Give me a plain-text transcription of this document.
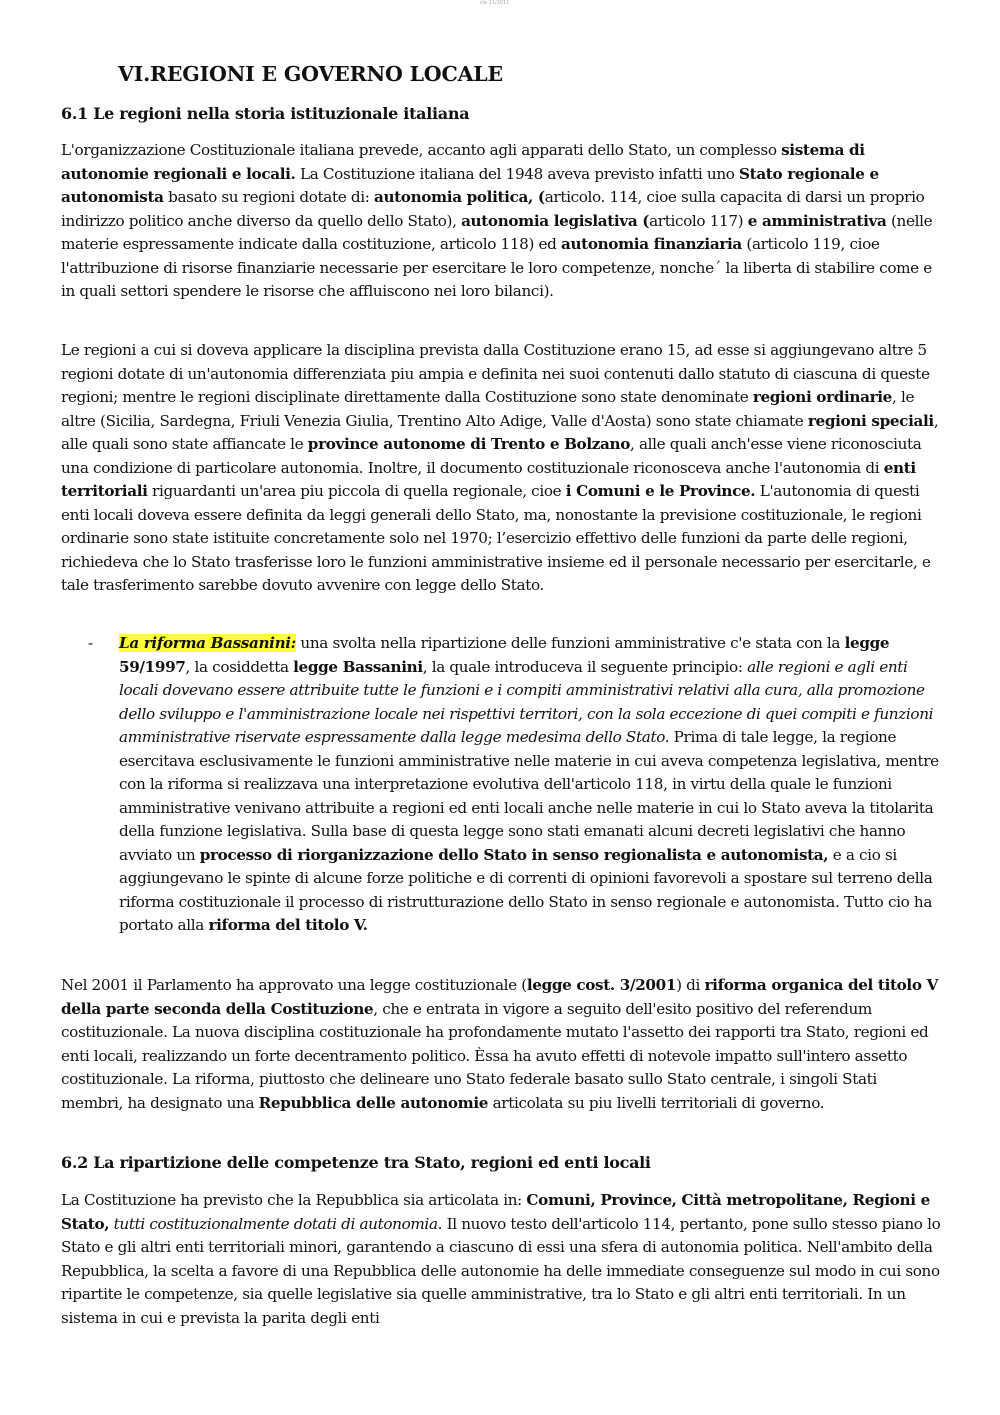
sla 11/2011
VI.REGIONI E GOVERNO LOCALE
6.1 Le regioni nella storia istituzionale italiana

L'organizzazione Costituzionale italiana prevede, accanto agli apparati dello Stato, un complesso sistema di autonomie regionali e locali. La Costituzione italiana del 1948 aveva previsto infatti uno Stato regionale e autonomista basato su regioni dotate di: autonomia politica, (articolo. 114, cioe sulla capacita di darsi un proprio indirizzo politico anche diverso da quello dello Stato), autonomia legislativa (articolo 117) e amministrativa (nelle materie espressamente indicate dalla costituzione, articolo 118) ed autonomia finanziaria (articolo 119, cioe l'attribuzione di risorse finanziarie necessarie per esercitare le loro competenze, nonche´ la liberta di stabilire come e in quali settori spendere le risorse che affluiscono nei loro bilanci).

Le regioni a cui si doveva applicare la disciplina prevista dalla Costituzione erano 15, ad esse si aggiungevano altre 5 regioni dotate di un'autonomia differenziata piu ampia e definita nei suoi contenuti dallo statuto di ciascuna di queste regioni; mentre le regioni disciplinate direttamente dalla Costituzione sono state denominate regioni ordinarie, le altre (Sicilia, Sardegna, Friuli Venezia Giulia, Trentino Alto Adige, Valle d'Aosta) sono state chiamate regioni speciali, alle quali sono state affiancate le province autonome di Trento e Bolzano, alle quali anch'esse viene riconosciuta una condizione di particolare autonomia. Inoltre, il documento costituzionale riconosceva anche l'autonomia di enti territoriali riguardanti un'area piu piccola di quella regionale, cioe i Comuni e le Province. L'autonomia di questi enti locali doveva essere definita da leggi generali dello Stato, ma, nonostante la previsione costituzionale, le regioni ordinarie sono state istituite concretamente solo nel 1970; l’esercizio effettivo delle funzioni da parte delle regioni, richiedeva che lo Stato trasferisse loro le funzioni amministrative insieme ed il personale necessario per esercitarle, e tale trasferimento sarebbe dovuto avvenire con legge dello Stato.

- La riforma Bassanini: una svolta nella ripartizione delle funzioni amministrative c'e stata con la legge 59/1997, la cosiddetta legge Bassanini, la quale introduceva il seguente principio: alle regioni e agli enti locali dovevano essere attribuite tutte le funzioni e i compiti amministrativi relativi alla cura, alla promozione dello sviluppo e l'amministrazione locale nei rispettivi territori, con la sola eccezione di quei compiti e funzioni amministrative riservate espressamente dalla legge medesima dello Stato. Prima di tale legge, la regione esercitava esclusivamente le funzioni amministrative nelle materie in cui aveva competenza legislativa, mentre con la riforma si realizzava una interpretazione evolutiva dell'articolo 118, in virtu della quale le funzioni amministrative venivano attribuite a regioni ed enti locali anche nelle materie in cui lo Stato aveva la titolarita della funzione legislativa. Sulla base di questa legge sono stati emanati alcuni decreti legislativi che hanno avviato un processo di riorganizzazione dello Stato in senso regionalista e autonomista, e a cio si aggiungevano le spinte di alcune forze politiche e di correnti di opinioni favorevoli a spostare sul terreno della riforma costituzionale il processo di ristrutturazione dello Stato in senso regionale e autonomista. Tutto cio ha portato alla riforma del titolo V.

Nel 2001 il Parlamento ha approvato una legge costituzionale (legge cost. 3/2001) di riforma organica del titolo V della parte seconda della Costituzione, che e entrata in vigore a seguito dell'esito positivo del referendum costituzionale. La nuova disciplina costituzionale ha profondamente mutato l'assetto dei rapporti tra Stato, regioni ed enti locali, realizzando un forte decentramento politico. Èssa ha avuto effetti di notevole impatto sull'intero assetto costituzionale. La riforma, piuttosto che delineare uno Stato federale basato sullo Stato centrale, i singoli Stati membri, ha designato una Repubblica delle autonomie articolata su piu livelli territoriali di governo.

6.2 La ripartizione delle competenze tra Stato, regioni ed enti locali

La Costituzione ha previsto che la Repubblica sia articolata in: Comuni, Province, Città metropolitane, Regioni e Stato, tutti costituzionalmente dotati di autonomia. Il nuovo testo dell'articolo 114, pertanto, pone sullo stesso piano lo Stato e gli altri enti territoriali minori, garantendo a ciascuno di essi una sfera di autonomia politica. Nell'ambito della Repubblica, la scelta a favore di una Repubblica delle autonomie ha delle immediate conseguenze sul modo in cui sono ripartite le competenze, sia quelle legislative sia quelle amministrative, tra lo Stato e gli altri enti territoriali. In un sistema in cui e prevista la parita degli enti
